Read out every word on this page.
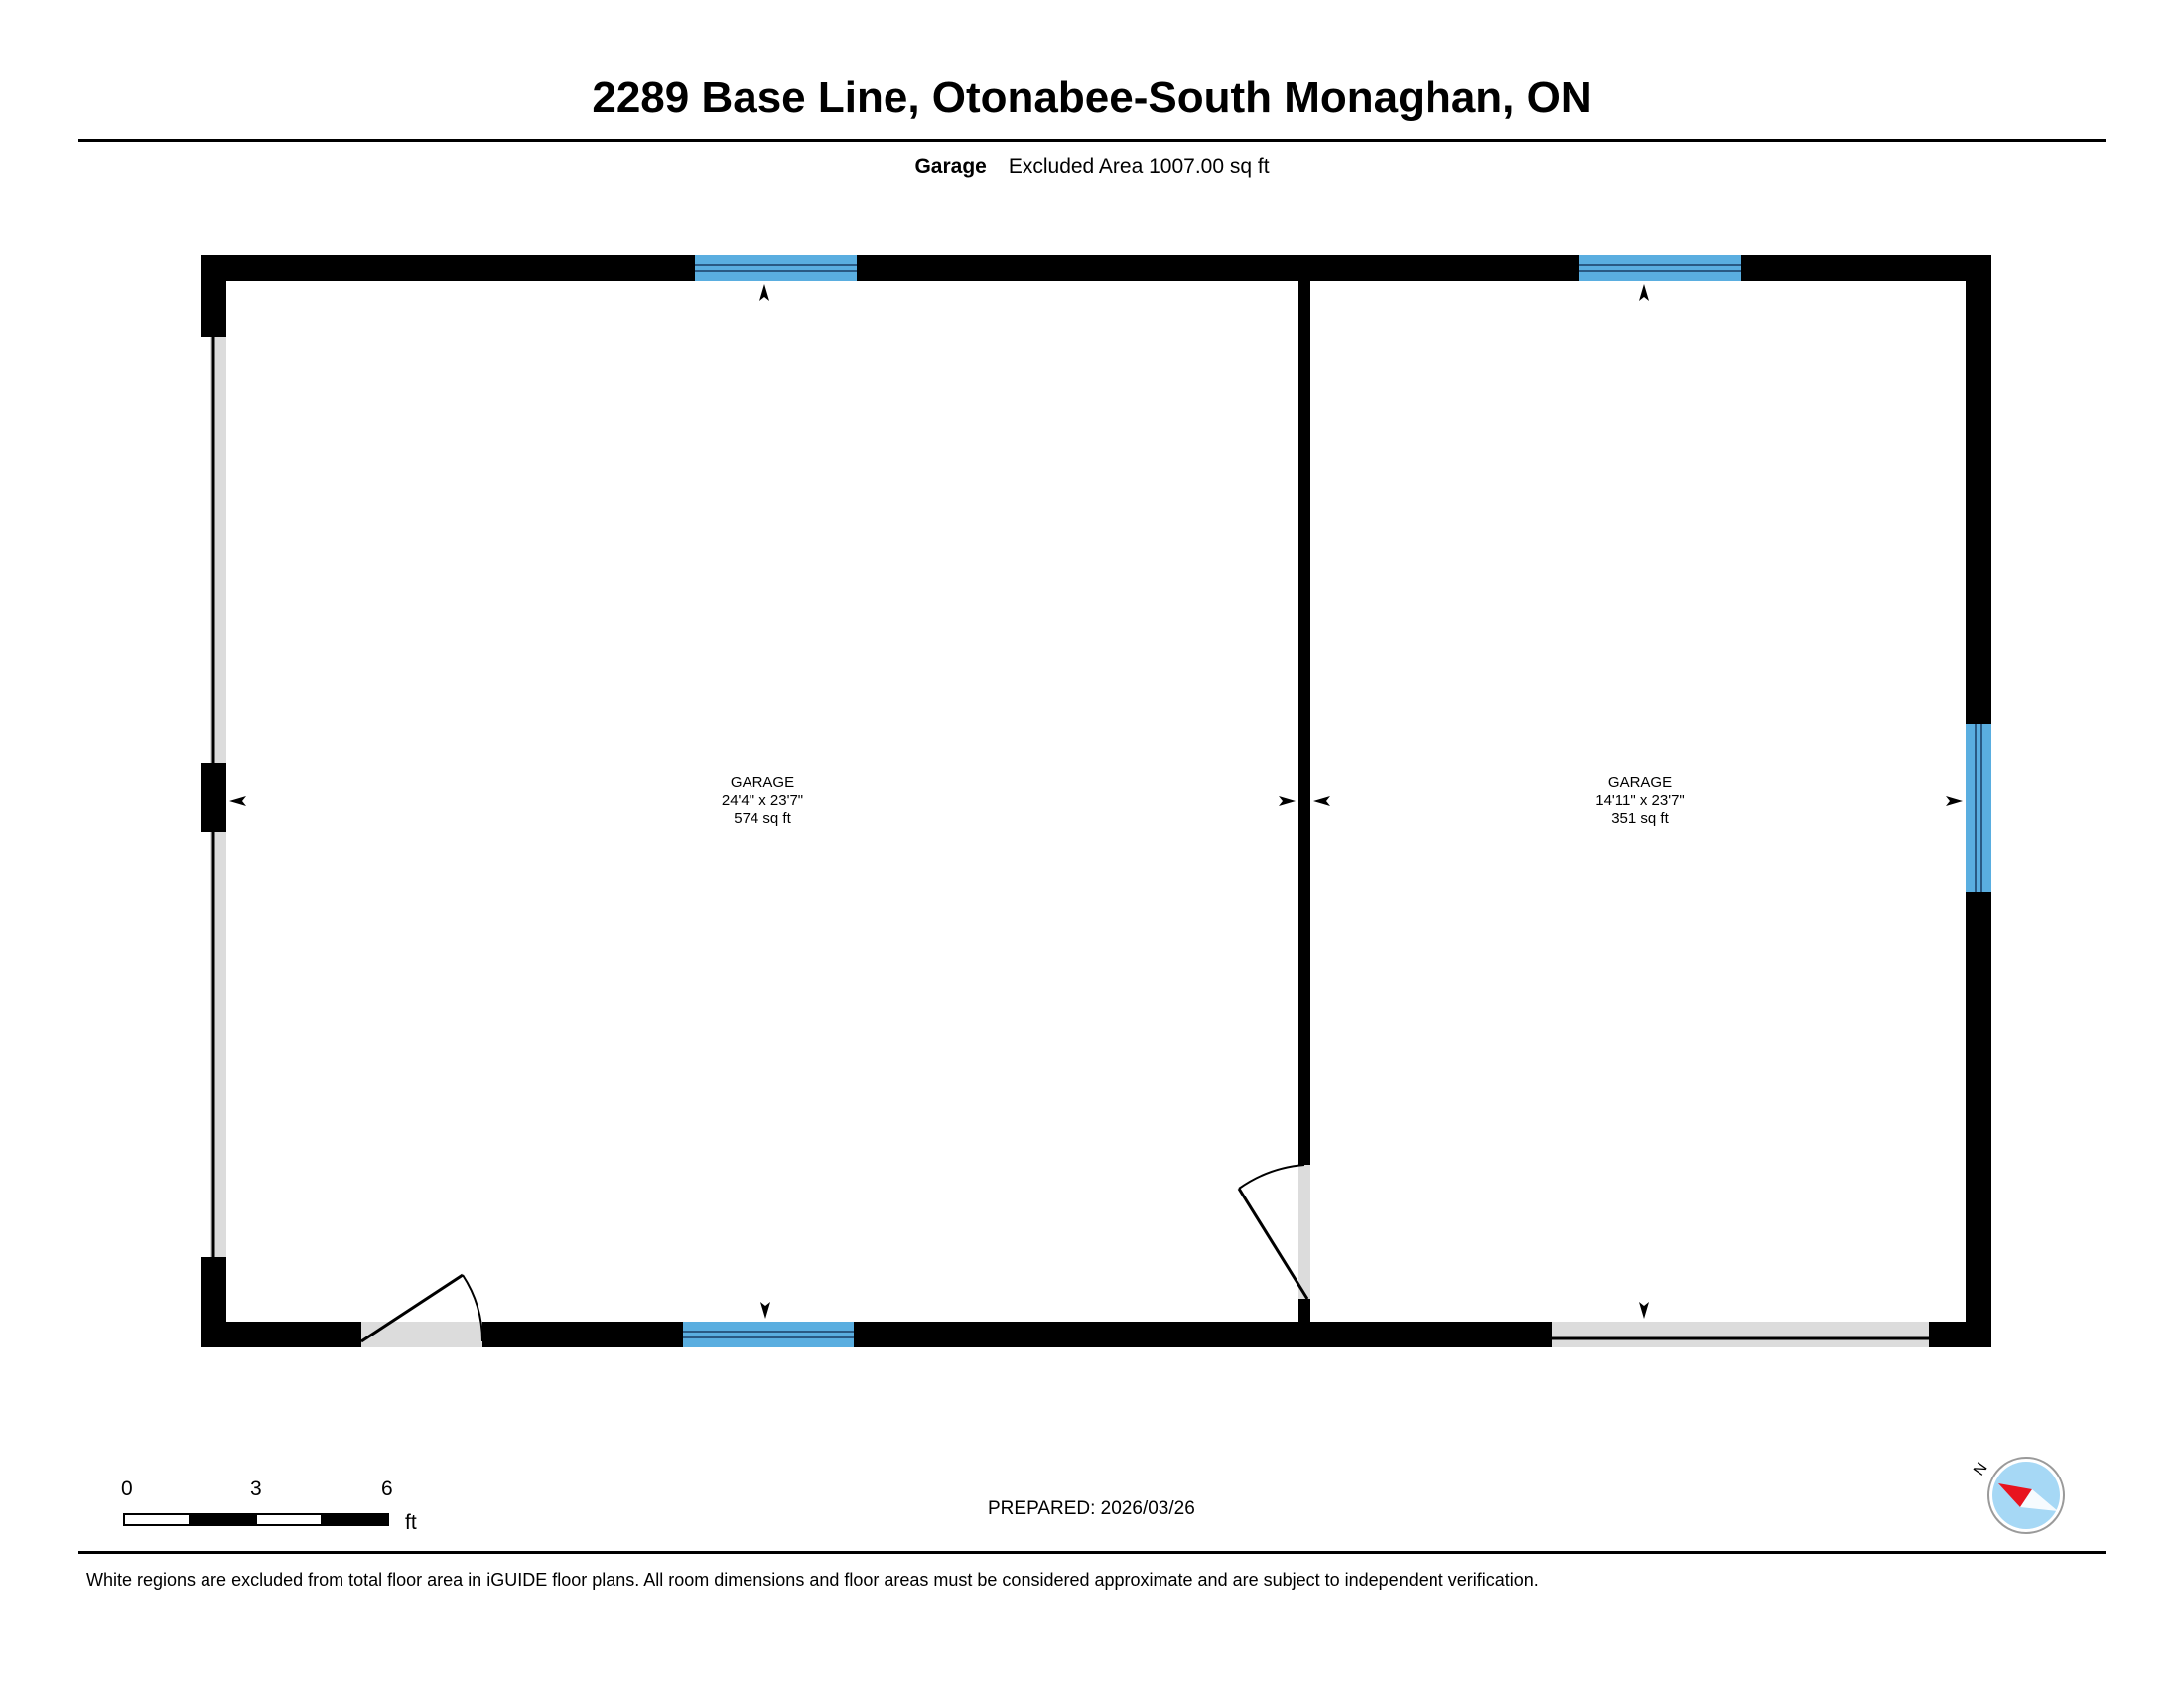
2289 Base Line, Otonabee-South Monaghan, ON
Garage Excluded Area 1007.00 sq ft
GARAGE
24'4" x 23'7"
574 sq ft
GARAGE
14'11" x 23'7"
351 sq ft
0	3	6
ft
PREPARED: 2026/03/26
N
White regions are excluded from total floor area in iGUIDE floor plans. All room dimensions and floor areas must be considered approximate and are subject to independent verification.
